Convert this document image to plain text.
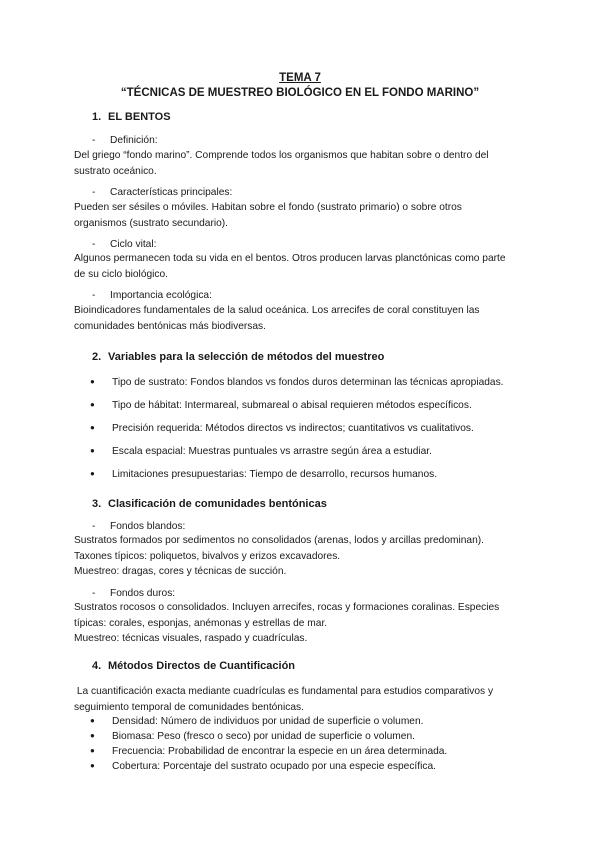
TEMA 7
“TÉCNICAS DE MUESTREO BIOLÓGICO EN EL FONDO MARINO”
1. EL BENTOS
- Definición:
Del griego “fondo marino”. Comprende todos los organismos que habitan sobre o dentro del
sustrato oceánico.
- Características principales:
Pueden ser sésiles o móviles. Habitan sobre el fondo (sustrato primario) o sobre otros
organismos (sustrato secundario).
- Ciclo vital:
Algunos permanecen toda su vida en el bentos. Otros producen larvas planctónicas como parte
de su ciclo biológico.
- Importancia ecológica:
Bioindicadores fundamentales de la salud oceánica. Los arrecifes de coral constituyen las
comunidades bentónicas más biodiversas.
2. Variables para la selección de métodos del muestreo
● Tipo de sustrato: Fondos blandos vs fondos duros determinan las técnicas apropiadas.
● Tipo de hábitat: Intermareal, submareal o abisal requieren métodos específicos.
● Precisión requerida: Métodos directos vs indirectos; cuantitativos vs cualitativos.
● Escala espacial: Muestras puntuales vs arrastre según área a estudiar.
● Limitaciones presupuestarias: Tiempo de desarrollo, recursos humanos.
3. Clasificación de comunidades bentónicas
- Fondos blandos:
Sustratos formados por sedimentos no consolidados (arenas, lodos y arcillas predominan).
Taxones típicos: poliquetos, bivalvos y erizos excavadores.
Muestreo: dragas, cores y técnicas de succión.
- Fondos duros:
Sustratos rocosos o consolidados. Incluyen arrecifes, rocas y formaciones coralinas. Especies
típicas: corales, esponjas, anémonas y estrellas de mar.
Muestreo: técnicas visuales, raspado y cuadrículas.
4. Métodos Directos de Cuantificación
La cuantificación exacta mediante cuadrículas es fundamental para estudios comparativos y
seguimiento temporal de comunidades bentónicas.
● Densidad: Número de individuos por unidad de superficie o volumen.
● Biomasa: Peso (fresco o seco) por unidad de superficie o volumen.
● Frecuencia: Probabilidad de encontrar la especie en un área determinada.
● Cobertura: Porcentaje del sustrato ocupado por una especie específica.
